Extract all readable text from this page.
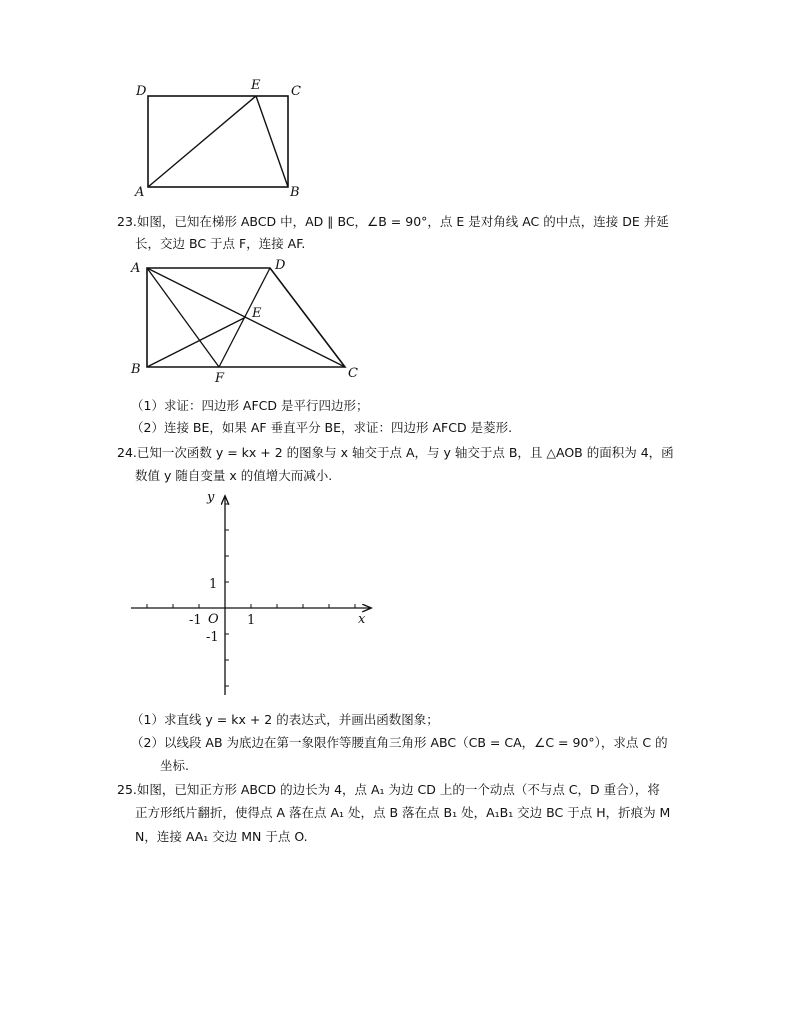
D	E C
A	B
23.如图，已知在梯形 ABCD 中，AD ∥ BC，∠B = 90°，点 E 是对角线 AC 的中点，连接 DE 并延
长，交边 BC 于点 F，连接 AF.
A	D
E
B
F	C
（1）求证：四边形 AFCD 是平行四边形；
（2）连接 BE，如果 AF 垂直平分 BE，求证：四边形 AFCD 是菱形.
24.已知一次函数 y = kx + 2 的图象与 x 轴交于点 A，与 y 轴交于点 B，且 △AOB 的面积为 4，函
数值 y 随自变量 x 的值增大而减小.
y
x
1
-1 O 1
-1
（1）求直线 y = kx + 2 的表达式，并画出函数图象；
（2）以线段 AB 为底边在第一象限作等腰直角三角形 ABC（CB = CA，∠C = 90°），求点 C 的
坐标.
25.如图，已知正方形 ABCD 的边长为 4，点 A₁ 为边 CD 上的一个动点（不与点 C，D 重合），将
正方形纸片翻折，使得点 A 落在点 A₁ 处，点 B 落在点 B₁ 处，A₁B₁ 交边 BC 于点 H，折痕为 M
N，连接 AA₁ 交边 MN 于点 O.
